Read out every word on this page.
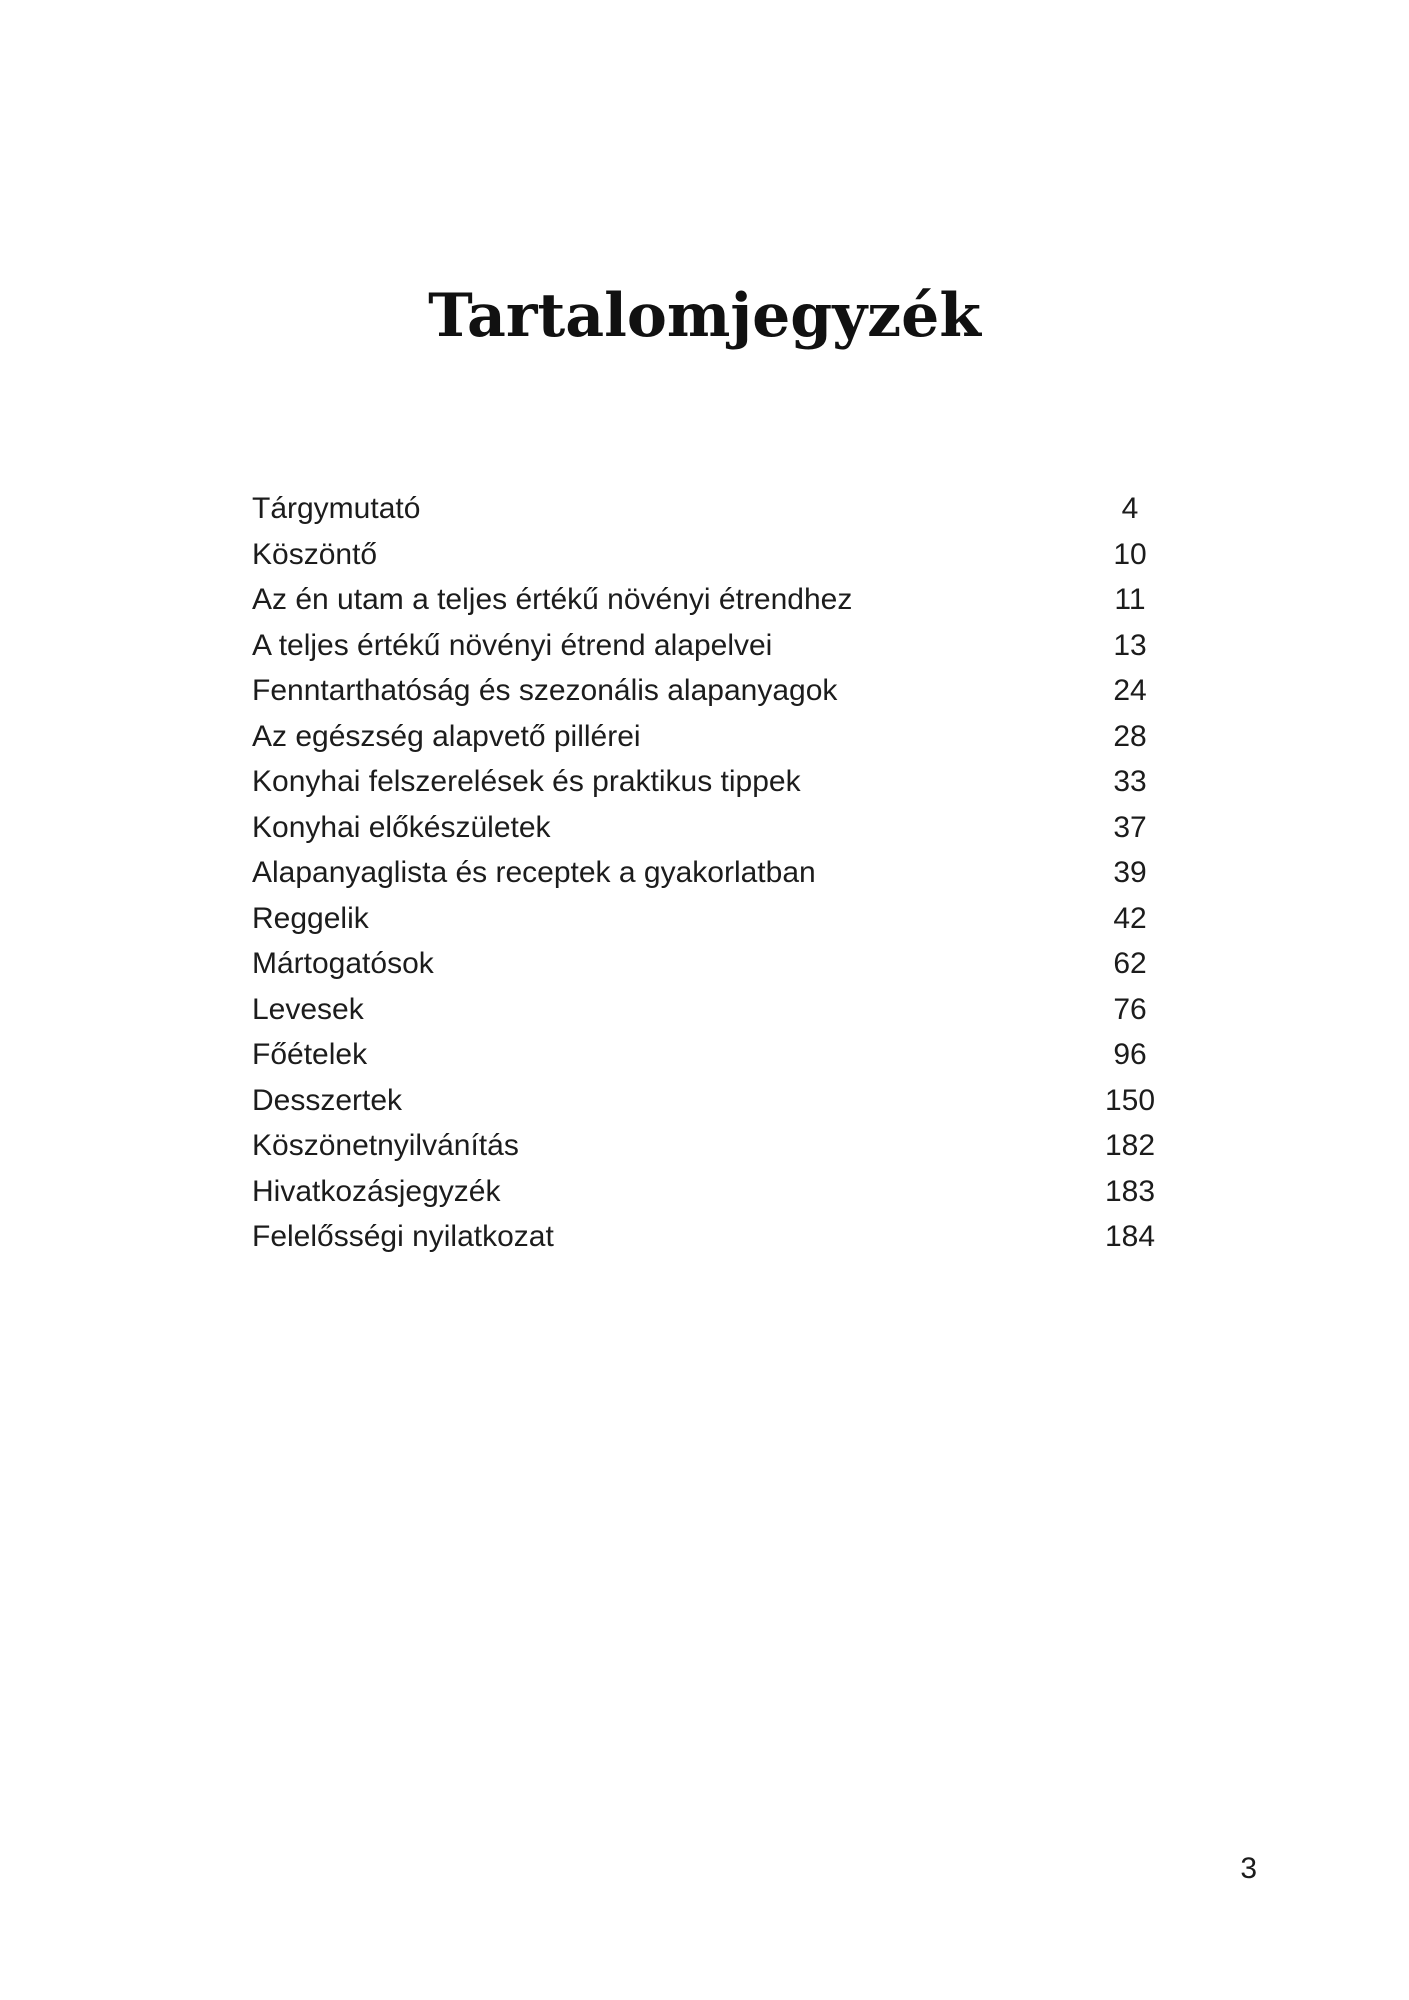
Tartalomjegyzék
Tárgymutató	4
Köszöntő	10
Az én utam a teljes értékű növényi étrendhez	11
A teljes értékű növényi étrend alapelvei	13
Fenntarthatóság és szezonális alapanyagok	24
Az egészség alapvető pillérei	28
Konyhai felszerelések és praktikus tippek	33
Konyhai előkészületek	37
Alapanyaglista és receptek a gyakorlatban	39
Reggelik	42
Mártogatósok	62
Levesek	76
Főételek	96
Desszertek	150
Köszönetnyilvánítás	182
Hivatkozásjegyzék	183
Felelősségi nyilatkozat	184
3
